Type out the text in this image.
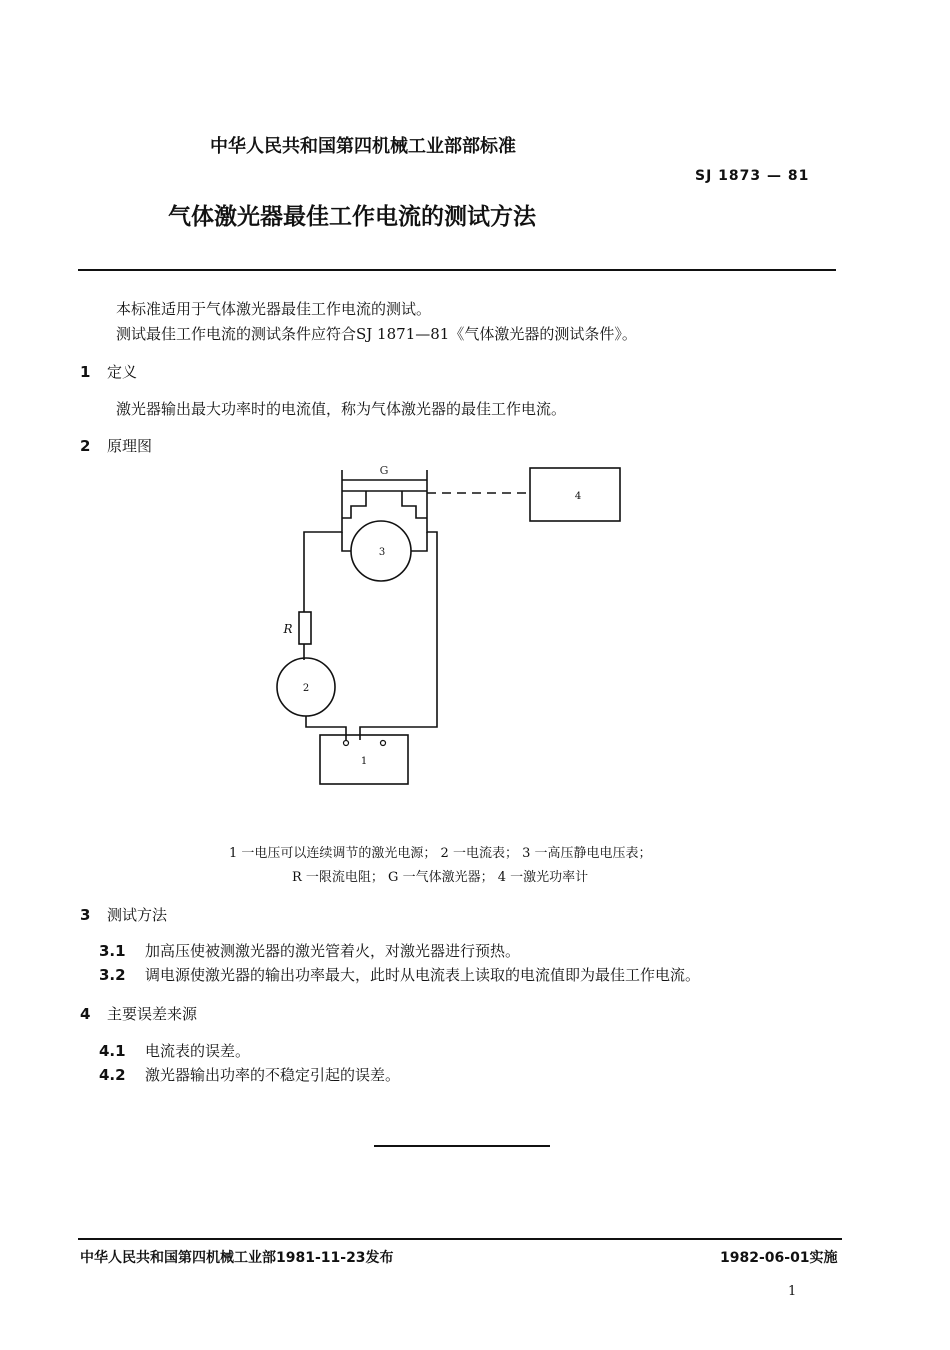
中华人民共和国第四机械工业部部标准
SJ 1873 — 81
气体激光器最佳工作电流的测试方法
本标准适用于气体激光器最佳工作电流的测试。
测试最佳工作电流的测试条件应符合SJ 1871—81《气体激光器的测试条件》。
1 定义
激光器输出最大功率时的电流值，称为气体激光器的最佳工作电流。
2 原理图
G
4
3
R
2
1
1 一电压可以连续调节的激光电源； 2 一电流表； 3 一高压静电电压表；
R 一限流电阻； G 一气体激光器； 4 一激光功率计
3 测试方法
3.1 加高压使被测激光器的激光管着火，对激光器进行预热。
3.2 调电源使激光器的输出功率最大，此时从电流表上读取的电流值即为最佳工作电流。
4 主要误差来源
4.1 电流表的误差。
4.2 激光器输出功率的不稳定引起的误差。
中华人民共和国第四机械工业部1981-11-23发布	1982-06-01实施
1
